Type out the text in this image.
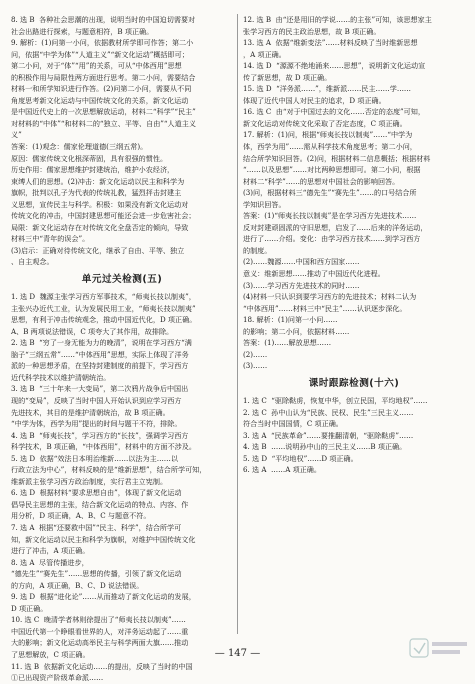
8. 选 B  各种社会思潮的出现，说明当时的中国迫切需要对

社会出路进行探索，与题意相符，B 项正确。

9. 解析：(1)问第一小问，依据教材所学即可作答；第二小

问，依据“中学为体”“人道主义”“新文化运动”概括即可；

第二小问，对于“体”“用”的关系，可从“中体西用”思想

的积极作用与局限性两方面进行思考。第二小问，需要结合

材料一和所学知识进行作答。(2)问第二小问，需要从不同

角度思考新文化运动与中国传统文化的关系，新文化运动

是中国近代史上的一次思想解放运动，材料二“科学”“民主”

对材料的“中体”“和材料二的“独立、平等、自由”“人道主义

义”

答案：(1)观念：儒家伦理道德(三纲五常)。

原因：儒家传统文化根深蒂固，具有很强的惯性。

历史作用：儒家思想维护封建统治，维护小农经济，

束缚人们的思想。(2)冲击：新文化运动以民主和科学为

旗帜，批判以孔子为代表的传统礼教，猛烈抨击封建主

义思想，宣传民主与科学。积极：如果没有新文化运动对

传统文化的冲击，中国封建思想可能还会进一步危害社会；

局限：新文化运动存在对传统文化全盘否定的倾向，导致

材料三中“青年的误会”。

(3)启示：正确对待传统文化，继承了自由、平等、独立

、自主观念。

单元过关检测(五)

1. 选 D  魏源主张学习西方军事技术，“师夷长技以制夷”，

主张兴办近代工业，认为发展民用工业，“师夷长技以制夷”

思想，有利于冲击传统观念，推动中国近代化，D 项正确。

A、B 两项说法错误，C 项夸大了其作用，故排除。

2. 选 B  “穷了一身无能为力的晚清”，说明在学习西方“满

脑子“三纲五常”……“中体西用”思想，实际上体现了洋务

派的一种思想矛盾，在坚持封建制度的前提下，学习西方

近代科学技术以维护清朝统治。

3. 选 B  “三十年来一大变局”，第二次鸦片战争后中国出

现的“变局”，反映了当时中国人开始认识到应学习西方

先进技术，其目的是维护清朝统治，故 B 项正确。

“中学为体，西学为用”提出的时间与题干不符，排除。

4. 选 B  “师夷长技”，学习西方的“长技”，强调学习西方

科学技术，B 项正确，“中体西用”，材料中的方面不涉及。

5. 选 D  依据“效法日本明治维新……以法为主……以

行政立法为中心”，材料反映的是“维新思想”，结合所学可知，

维新派主张学习西方政治制度，实行君主立宪制。

6. 选 D  根据材料“要求思想自由”，体现了新文化运动

倡导民主思想的主张，结合新文化运动的特点、内容、作

用分析，D 项正确，A、B、C 与题意不符。

7. 选 A  根据“还要救中国”“民主、科学”，结合所学可

知，新文化运动以民主和科学为旗帜，对维护中国传统文化

进行了冲击，A 项正确。

8. 选 A  尽管传播进步，

“德先生”“赛先生”……思想的传播，引领了新文化运动

的方向，A 项正确，B、C、D 说法错误。

9. 选 D  根据“进化论”……从而推动了新文化运动的发展，

D 项正确。

10. 选 C  晚清学者林则徐提出了“师夷长技以制夷”……

中国近代第一个睁眼看世界的人，对洋务运动起了……重

大的影响；新文化运动高举民主与科学两面大旗……推动

了思想解放，C 项正确。

11. 选 B  依据新文化运动……的提出，反映了当时的中国

①已出现资产阶级革命派……

12. 选 B  由“还是用旧的学说……的主张”可知，该思想家主

张学习西方的民主政治思想，故 B 项正确。

13. 选 A  依据“维新变法”……材料反映了当时维新思想

，A 项正确。

14. 选 D  “源源不绝地涌来……思想”，说明新文化运动宣

传了新思想，故 D 项正确。

15. 选 D  “洋务派……”，维新派……民主……学……

体现了近代中国人对民主的追求，D 项正确。

16. 选 C  由“对于中国过去的文化……否定的态度”可知，

新文化运动对传统文化采取了否定态度，C 项正确。

17. 解析：(1)问，根据“师夷长技以制夷”……“中学为

体，西学为用”……需从科学技术角度思考；第二小问，

结合所学知识回答。(2)问，根据材料二信息概括；根据材料

“……以及思想”……对比两种思想即可。第二小问，根据

材料二“科学”……的思想对中国社会的影响回答。

(3)问，根据材料三“德先生”“赛先生”……的口号结合所

学知识回答。

答案：(1)“师夷长技以制夷”是在学习西方先进技术……

反对封建顽固派的守旧思想，启发了……后来的洋务运动，

进行了……介绍。变化：由学习西方技术……到学习西方

的制度。

(2)……魏源……中国和西方国家……

意义：维新思想……推动了中国近代化进程。

(3)……学习西方先进技术的同时……

(4)材料一只认识到要学习西方的先进技术；材料二认为

“中体西用”……材料三中“民主”……认识逐步深化。

18. 解析：(1)问第一小问……

的影响；第二小问，依据材料……

答案：(1)……解放思想……

(2)……

(3)……

课时跟踪检测(十六)

1. 选 C  “驱除鞑虏，恢复中华，创立民国，平均地权”……

2. 选 C  孙中山认为“民族、民权、民生”三民主义……

符合当时中国国情，C 项正确。

3. 选 A  “民族革命”……要推翻清朝，“驱除鞑虏”……

4. 选 B  ……说明孙中山的三民主义……B 项正确。

5. 选 D  “平均地权”……D 项正确。

6. 选 A  ……A 项正确。

— 147 —
